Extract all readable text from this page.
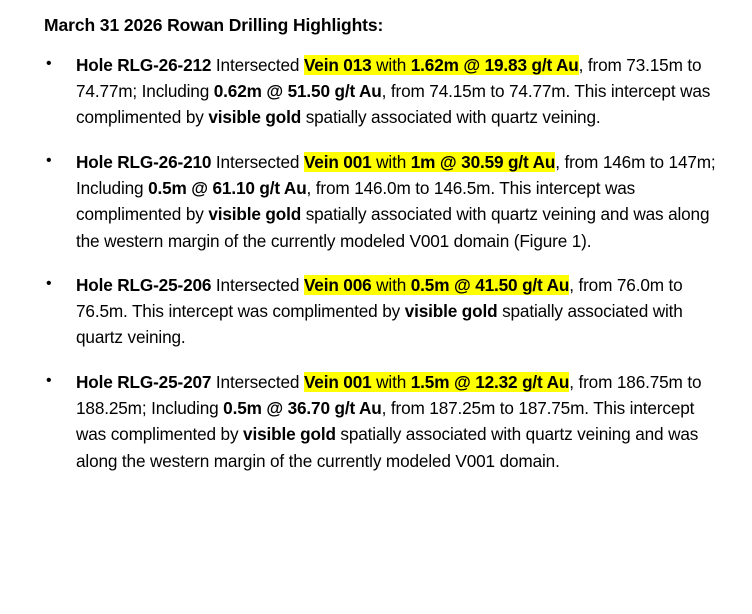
March 31 2026 Rowan Drilling Highlights:
• Hole RLG-26-212 Intersected Vein 013 with 1.62m @ 19.83 g/t Au, from 73.15m to 74.77m; Including 0.62m @ 51.50 g/t Au, from 74.15m to 74.77m. This intercept was complimented by visible gold spatially associated with quartz veining.
• Hole RLG-26-210 Intersected Vein 001 with 1m @ 30.59 g/t Au, from 146m to 147m; Including 0.5m @ 61.10 g/t Au, from 146.0m to 146.5m. This intercept was complimented by visible gold spatially associated with quartz veining and was along the western margin of the currently modeled V001 domain (Figure 1).
• Hole RLG-25-206 Intersected Vein 006 with 0.5m @ 41.50 g/t Au, from 76.0m to 76.5m. This intercept was complimented by visible gold spatially associated with quartz veining.
• Hole RLG-25-207 Intersected Vein 001 with 1.5m @ 12.32 g/t Au, from 186.75m to 188.25m; Including 0.5m @ 36.70 g/t Au, from 187.25m to 187.75m. This intercept was complimented by visible gold spatially associated with quartz veining and was along the western margin of the currently modeled V001 domain.
